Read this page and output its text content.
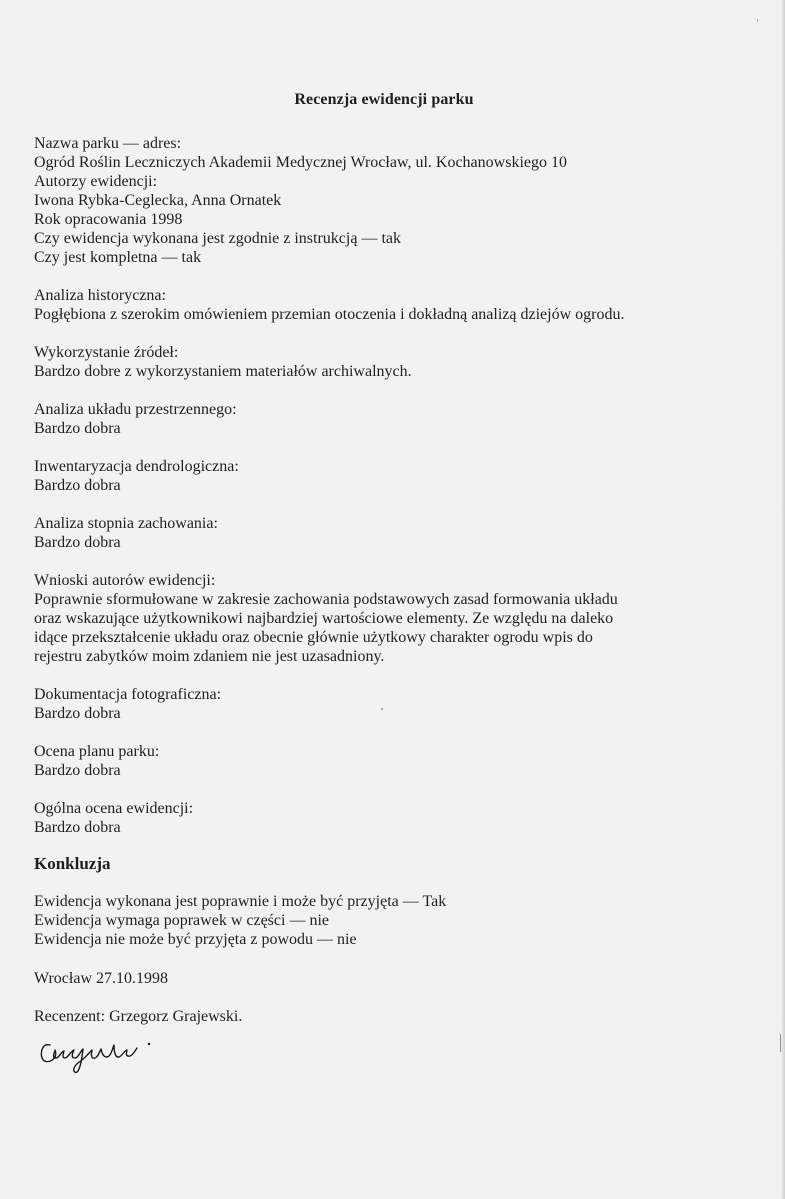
Recenzja ewidencji parku
Nazwa parku — adres:
Ogród Roślin Leczniczych Akademii Medycznej Wrocław, ul. Kochanowskiego 10
Autorzy ewidencji:
Iwona Rybka-Ceglecka, Anna Ornatek
Rok opracowania 1998
Czy ewidencja wykonana jest zgodnie z instrukcją — tak
Czy jest kompletna — tak
Analiza historyczna:
Pogłębiona z szerokim omówieniem przemian otoczenia i dokładną analizą dziejów ogrodu.
Wykorzystanie źródeł:
Bardzo dobre z wykorzystaniem materiałów archiwalnych.
Analiza układu przestrzennego:
Bardzo dobra
Inwentaryzacja dendrologiczna:
Bardzo dobra
Analiza stopnia zachowania:
Bardzo dobra
Wnioski autorów ewidencji:
Poprawnie sformułowane w zakresie zachowania podstawowych zasad formowania układu
oraz wskazujące użytkownikowi najbardziej wartościowe elementy. Ze względu na daleko
idące przekształcenie układu oraz obecnie głównie użytkowy charakter ogrodu wpis do
rejestru zabytków moim zdaniem nie jest uzasadniony.
Dokumentacja fotograficzna:
Bardzo dobra
Ocena planu parku:
Bardzo dobra
Ogólna ocena ewidencji:
Bardzo dobra
Konkluzja
Ewidencja wykonana jest poprawnie i może być przyjęta — Tak
Ewidencja wymaga poprawek w części — nie
Ewidencja nie może być przyjęta z powodu — nie
Wrocław 27.10.1998
Recenzent: Grzegorz Grajewski.
